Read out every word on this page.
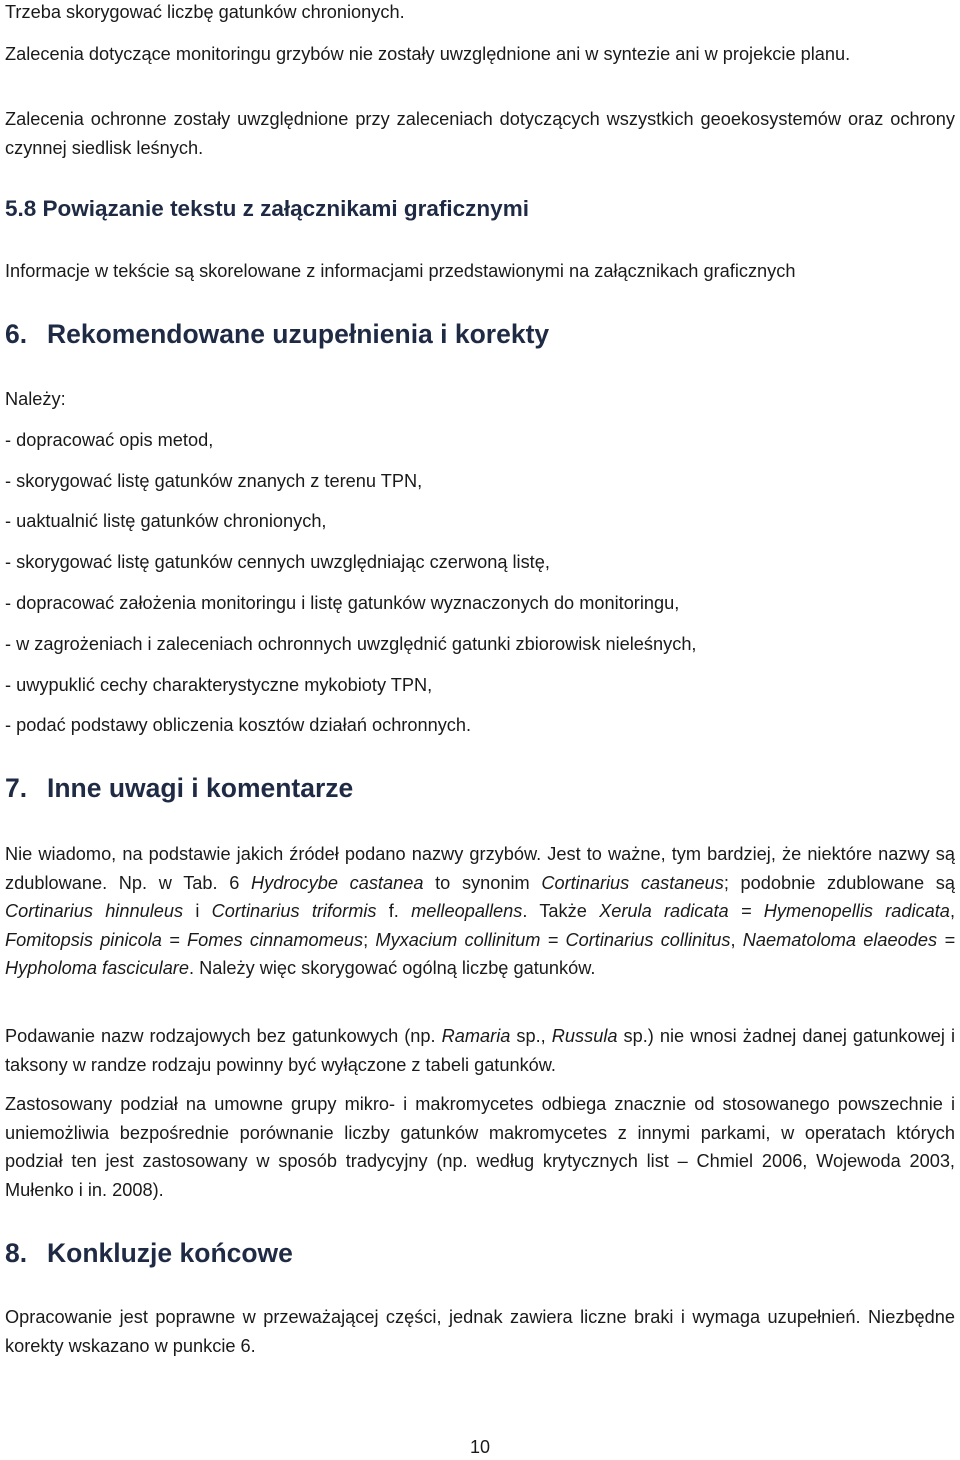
Trzeba skorygować liczbę gatunków chronionych.

Zalecenia dotyczące monitoringu grzybów nie zostały uwzględnione ani w syntezie ani w projekcie planu.

Zalecenia ochronne zostały uwzględnione przy zaleceniach dotyczących wszystkich geoekosystemów oraz ochrony czynnej siedlisk leśnych.

5.8 Powiązanie tekstu z załącznikami graficznymi

Informacje w tekście są skorelowane z informacjami przedstawionymi na załącznikach graficznych

6. Rekomendowane uzupełnienia i korekty

Należy:

- dopracować opis metod,

- skorygować listę gatunków znanych z terenu TPN,

- uaktualnić listę gatunków chronionych,

- skorygować listę gatunków cennych uwzględniając czerwoną listę,

- dopracować założenia monitoringu i listę gatunków wyznaczonych do monitoringu,

- w zagrożeniach i zaleceniach ochronnych uwzględnić gatunki zbiorowisk nieleśnych,

- uwypuklić cechy charakterystyczne mykobioty TPN,

- podać podstawy obliczenia kosztów działań ochronnych.

7. Inne uwagi i komentarze

Nie wiadomo, na podstawie jakich źródeł podano nazwy grzybów. Jest to ważne, tym bardziej, że niektóre nazwy są zdublowane. Np. w Tab. 6 Hydrocybe castanea to synonim Cortinarius castaneus; podobnie zdublowane są Cortinarius hinnuleus i Cortinarius triformis f. melleopallens. Także Xerula radicata = Hymenopellis radicata, Fomitopsis pinicola = Fomes cinnamomeus; Myxacium collinitum = Cortinarius collinitus, Naematoloma elaeodes = Hypholoma fasciculare. Należy więc skorygować ogólną liczbę gatunków.

Podawanie nazw rodzajowych bez gatunkowych (np. Ramaria sp., Russula sp.) nie wnosi żadnej danej gatunkowej i taksony w randze rodzaju powinny być wyłączone z tabeli gatunków.

Zastosowany podział na umowne grupy mikro- i makromycetes odbiega znacznie od stosowanego powszechnie i uniemożliwia bezpośrednie porównanie liczby gatunków makromycetes z innymi parkami, w operatach których podział ten jest zastosowany w sposób tradycyjny (np. według krytycznych list – Chmiel 2006, Wojewoda 2003, Mułenko i in. 2008).

8. Konkluzje końcowe

Opracowanie jest poprawne w przeważającej części, jednak zawiera liczne braki i wymaga uzupełnień. Niezbędne korekty wskazano w punkcie 6.

10
